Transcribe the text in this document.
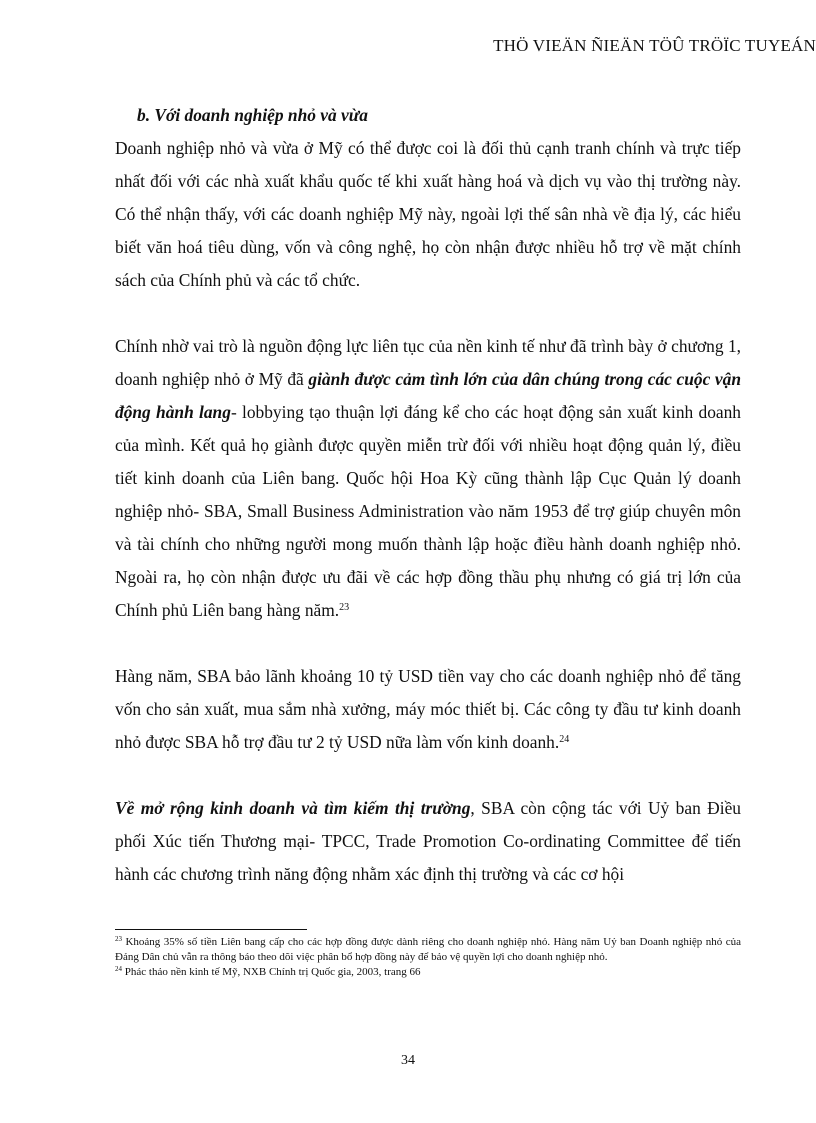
THÖ VIEÄN ÑIEÄN TÖÛ TRÖÏC TUYEÁN

b. Với doanh nghiệp nhỏ và vừa

Doanh nghiệp nhỏ và vừa ở Mỹ có thể được coi là đối thủ cạnh tranh chính và trực tiếp nhất đối với các nhà xuất khẩu quốc tế khi xuất hàng hoá và dịch vụ vào thị trường này. Có thể nhận thấy, với các doanh nghiệp Mỹ này, ngoài lợi thế sân nhà về địa lý, các hiểu biết văn hoá tiêu dùng, vốn và công nghệ, họ còn nhận được nhiều hỗ trợ về mặt chính sách của Chính phủ và các tổ chức.

Chính nhờ vai trò là nguồn động lực liên tục của nền kinh tế như đã trình bày ở chương 1, doanh nghiệp nhỏ ở Mỹ đã giành được cảm tình lớn của dân chúng trong các cuộc vận động hành lang- lobbying tạo thuận lợi đáng kể cho các hoạt động sản xuất kinh doanh của mình. Kết quả họ giành được quyền miễn trừ đối với nhiều hoạt động quản lý, điều tiết kinh doanh của Liên bang. Quốc hội Hoa Kỳ cũng thành lập Cục Quản lý doanh nghiệp nhỏ- SBA, Small Business Administration vào năm 1953 để trợ giúp chuyên môn và tài chính cho những người mong muốn thành lập hoặc điều hành doanh nghiệp nhỏ. Ngoài ra, họ còn nhận được ưu đãi về các hợp đồng thầu phụ nhưng có giá trị lớn của Chính phủ Liên bang hàng năm.$^{23}$

Hàng năm, SBA bảo lãnh khoảng 10 tỷ USD tiền vay cho các doanh nghiệp nhỏ để tăng vốn cho sản xuất, mua sắm nhà xưởng, máy móc thiết bị. Các công ty đầu tư kinh doanh nhỏ được SBA hỗ trợ đầu tư 2 tỷ USD nữa làm vốn kinh doanh.$^{24}$

Về mở rộng kinh doanh và tìm kiếm thị trường, SBA còn cộng tác với Uỷ ban Điều phối Xúc tiến Thương mại- TPCC, Trade Promotion Co-ordinating Committee để tiến hành các chương trình năng động nhằm xác định thị trường và các cơ hội

$^{23}$ Khoảng 35% số tiền Liên bang cấp cho các hợp đồng được dành riêng cho doanh nghiệp nhỏ. Hàng năm Uỷ ban Doanh nghiệp nhỏ của Đảng Dân chủ vẫn ra thông báo theo dõi việc phân bổ hợp đồng này để bảo vệ quyền lợi cho doanh nghiệp nhỏ.

$^{24}$ Phác thảo nền kinh tế Mỹ, NXB Chính trị Quốc gia, 2003, trang 66

34
